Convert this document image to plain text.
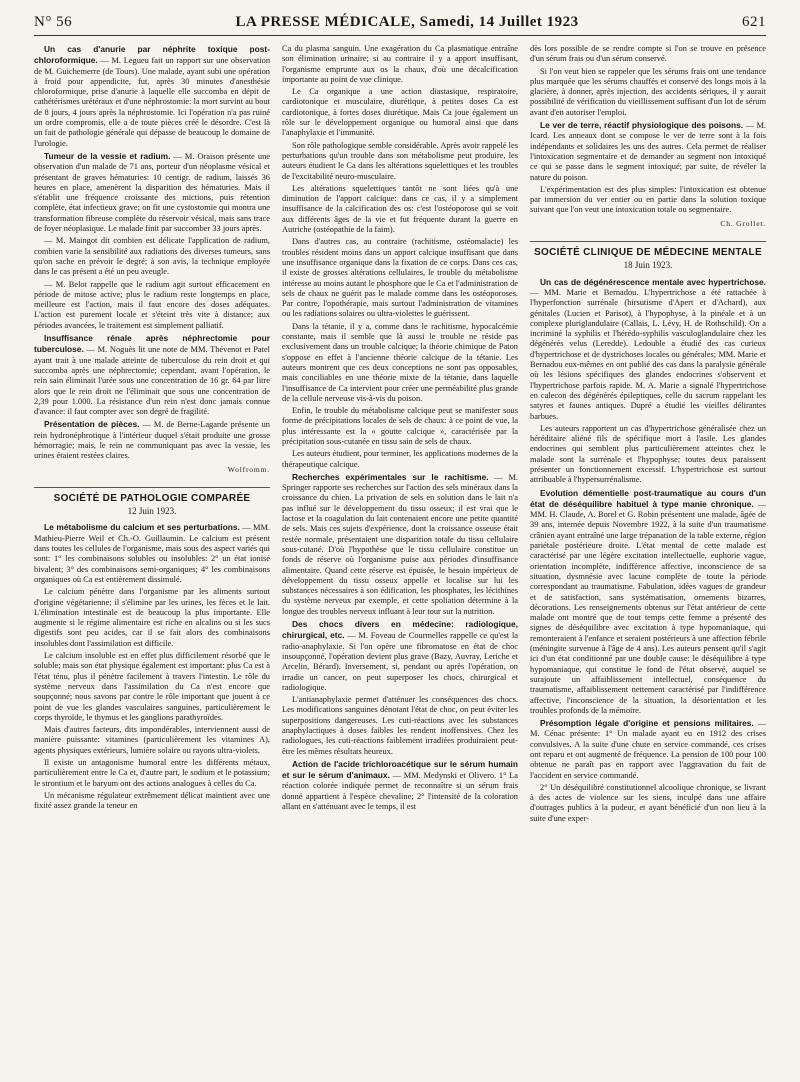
N° 56	LA PRESSE MÉDICALE, Samedi, 14 Juillet 1923	621

Un cas d'anurie par néphrite toxique post-chloroformique. — M. Legueu fait un rapport sur une observation de M. Guichemerre (de Tours). Une malade, ayant subi une opération à froid pour appendicite, fut, après 30 minutes d'anesthésie chloroformique, prise d'anurie à laquelle elle succomba en dépit de cathétérismes urétéraux et d'une néphrostomie: la mort survint au bout de 8 jours, 4 jours après la néphrostomie. Ici l'opération n'a pas ruiné un ordre compromis, elle a de toute pièces créé le désordre. C'est là un fait de pathologie générale qui dépasse de beaucoup le domaine de l'urologie.

Tumeur de la vessie et radium. — M. Oraison présente une observation d'un malade de 71 ans, porteur d'un néoplasme vésical et présentant de graves hématuries: 10 centigr. de radium, laissés 36 heures en place, amenèrent la disparition des hématuries. Mais il s'établit une fréquence croissante des mictions, puis rétention complète, état infectieux grave; on fit une cystostomie qui montra une transformation fibreuse complète du réservoir vésical, mais sans trace de foyer néoplasique. Le malade finit par succomber 33 jours après.

— M. Maingot dit combien est délicate l'application de radium, combien varie la sensibilité aux radiations des diverses tumeurs, sans qu'on sache en prévoir le degré; à son avis, la technique employée dans le cas présent a été un peu aveugle.

— M. Belot rappelle que le radium agit surtout efficacement en période de mitose active; plus le radium reste longtemps en place, meilleure est l'action, mais il faut encore des doses adéquates. L'action est purement locale et s'éteint très vite à distance; aux périodes avancées, le traitement est simplement palliatif.

Insuffisance rénale après néphrectomie pour tuberculose. — M. Noguès lit une note de MM. Thévenot et Patel ayant trait à une malade atteinte de tuberculose du rein droit et qui succomba après une néphrectomie; cependant, avant l'opération, le rein sain éliminait l'urée sous une concentration de 16 gr. 64 par litre alors que le rein droit ne l'éliminait que sous une concentration de 2,39 pour 1.000. La résistance d'un rein n'est donc jamais connue d'avance: il faut compter avec son degré de fragilité.

Présentation de pièces. — M. de Berne-Lagarde présente un rein hydronéphrotique à l'intérieur duquel s'était produite une grosse hémorragie; mais, le rein ne communiquant pas avec la vessie, les urines étaient restées claires.

Wolfromm.
SOCIÉTÉ DE PATHOLOGIE COMPARÉE
12 Juin 1923.

Le métabolisme du calcium et ses perturbations. — MM. Mathieu-Pierre Weil et Ch.-O. Guillaumin. Le calcium est présent dans toutes les cellules de l'organisme, mais sous des aspect variés qui sont: 1° les combinaisons solubles ou insolubles: 2° un état ionisé bivalent; 3° des combinaisons semi-organiques; 4° les combinaisons organiques où Ca est entièrement dissimulé.

Le calcium pénètre dans l'organisme par les aliments surtout d'origine végétarienne; il s'élimine par les urines, les fèces et le lait. L'élimination intestinale est de beaucoup la plus importante. Elle augmente si le régime alimentaire est riche en alcalins ou si les sucs digestifs sont peu acides, car il se fait alors des combinaisons insolubles dont l'assimilation est difficile.

Le calcium insoluble est en effet plus difficilement résorbé que le soluble; mais son état physique également est important: plus Ca est à l'état ténu, plus il pénètre facilement à travers l'intestin. Le rôle du système nerveux dans l'assimilation du Ca n'est encore que soupçonné; nous savons par contre le rôle important que jouent à ce point de vue les glandes vasculaires sanguines, particulièrement le corps thyroïde, le thymus et les ganglions parathyroïdes.

Mais d'autres facteurs, dits impondérables, interviennent aussi de manière puissante: vitamines (particulièrement les vitamines A), agents physiques extérieurs, lumière solaire ou rayons ultra-violets.

Il existe un antagonisme humoral entre les différents métaux, particulièrement entre le Ca et, d'autre part, le sodium et le potassium; le strontium et le baryum ont des actions analogues à celles du Ca.

Un mécanisme régulateur extrêmement délicat maintient avec une fixité assez grande la teneur en

Ca du plasma sanguin. Une exagération du Ca plasmatique entraîne son élimination urinaire; si au contraire il y a apport insuffisant, l'organisme emprunte aux os la chaux, d'où une décalcification importante au point de vue clinique.

Le Ca organique a une action diastasique, respiratoire, cardiotonique et musculaire, diurétique, à petites doses Ca est cardiotonique, à fortes doses diurétique. Mais Ca joue également un rôle sur le développement organique ou humoral ainsi que dans l'anaphylaxie et l'immunité.

Son rôle pathologique semble considérable. Après avoir rappelé les perturbations qu'un trouble dans son métabolisme peut produire, les auteurs étudient le Ca dans les altérations squelettiques et les troubles de l'excitabilité neuro-musculaire.

Les altérations squelettiques tantôt ne sont liées qu'à une diminution de l'apport calcique: dans ce cas, il y a simplement insuffisance de la calcification des os: c'est l'ostéoporose qui se voit aux différents âges de la vie et fut fréquente durant la guerre en Autriche (ostéopathie de la faim).

Dans d'autres cas, au contraire (rachitisme, ostéomalacie) les troubles résident moins dans un apport calcique insuffisant que dans une insuffisance organique dans la fixation de ce corps. Dans ces cas, il existe de grosses altérations cellulaires, le trouble du métabolisme intéresse au moins autant le phosphore que le Ca et l'administration de sels de chaux ne guérit pas le malade comme dans les ostéoporoses. Par contre, l'opothérapie, mais surtout l'administration de vitamines ou les radiations solaires ou ultra-violettes le guérissent.

Dans la tétanie, il y a, comme dans le rachitisme, hypocalcémie constante, mais il semble que là aussi le trouble ne réside pas exclusivement dans un trouble calcique; la théorie chimique de Paton s'oppose en effet à l'ancienne théorie calcique de la tétanie. Les auteurs montrent que ces deux conceptions ne sont pas opposables, mais conciliables en une théorie mixte de la tétanie, dans laquelle l'insuffisance de Ca intervient pour créer une perméabilité plus grande de la cellule nerveuse vis-à-vis du poison.

Enfin, le trouble du métabolisme calcique peut se manifester sous forme de précipitations locales de sels de chaux: à ce point de vue, la plus intéressante est la « goutte calcique », caractérisée par la précipitation sous-cutanée en tissu sain de sels de chaux.

Les auteurs étudient, pour terminer, les applications modernes de la thérapeutique calcique.

Recherches expérimentales sur le rachitisme. — M. Springer rapporte ses recherches sur l'action des sels minéraux dans la croissance du chien. La privation de sels en solution dans le lait n'a pas influé sur le développement du tissu osseux; il est vrai que le lactose et la coagulation du lait contenaient encore une petite quantité de sels. Mais ces sujets d'expérience, dont la croissance osseuse était restée normale, présentaient une disparition totale du tissu cellulaire sous-cutané. D'où l'hypothèse que le tissu cellulaire constitue un fonds de réserve où l'organisme puise aux périodes d'insuffisance alimentaire. Quand cette réserve est épuisée, le besoin impérieux de développement du tissu osseux appelle et localise sur lui les substances nécessaires à son édification, les phosphates, les lécithines du système nerveux par exemple, et cette spoliation détermine à la longue des troubles nerveux influant à leur tour sur la nutrition.

Des chocs divers en médecine: radiologique, chirurgical, etc. — M. Foveau de Courmelles rappelle ce qu'est la radio-anaphylaxie. Si l'on opère une fibromatose en état de choc insoupçonné, l'opération devient plus grave (Bazy, Auvray, Leriche et Arcelin, Bérard). Inversement, si, pendant ou après l'opération, on irradie un cancer, on peut superposer les chocs, chirurgical et radiologique.

L'antianaphylaxie permet d'atténuer les conséquences des chocs. Les modifications sanguines dénotant l'état de choc, on peut éviter les superpositions dangereuses. Les cuti-réactions avec les substances anaphylactiques à doses faibles les rendent inoffensives. Chez les radiologues, les cuti-réactions faiblement irradiées produiraient peut-être les mêmes résultats heureux.

Action de l'acide trichloroacétique sur le sérum humain et sur le sérum d'animaux. — MM. Medynski et Olivero. 1° La réaction colorée indiquée permet de reconnaître si un sérum frais donné appartient à l'espèce chevaline; 2° l'intensité de la coloration allant en s'atténuant avec le temps, il est

dès lors possible de se rendre compte si l'on se trouve en présence d'un sérum frais ou d'un sérum conservé.

Si l'on veut bien se rappeler que les sérums frais ont une tendance plus marquée que les sérums chauffés et conservé des longs mois à la glacière, à donner, après injection, des accidents sériques, il y aurait possibilité de vérification du vieillissement suffisant d'un lot de sérum avant d'en autoriser l'emploi.

Le ver de terre, réactif physiologique des poisons. — M. Icard. Les anneaux dont se compose le ver de terre sont à la fois indépendants et solidaires les uns des autres. Cela permet de réaliser l'intoxication segmentaire et de demander au segment non intoxiqué ce qui se passe dans le segment intoxiqué; par suite, de révéler la nature du poison.

L'expérimentation est des plus simples: l'intoxication est obtenue par immersion du ver entier ou en partie dans la solution toxique suivant que l'on veut une intoxication totale ou segmentaire.

Ch. Grollet.
SOCIÉTÉ CLINIQUE DE MÉDECINE MENTALE
18 Juin 1923.

Un cas de dégénérescence mentale avec hypertrichose. — MM. Marie et Bernadou. L'hypertrichose a été rattachée à l'hyperfonction surrénale (hirsutisme d'Apert et d'Achard), aux génitales (Lucien et Parisot), à l'hypophyse, à la pinéale et à un complexe pluriglandulaire (Callais, L. Lévy, H. de Rothschild). On a incriminé la syphilis et l'hérédo-syphilis vasculoglandulaire chez les dégénérés velus (Leredde). Ledouble a étudié des cas curieux d'hypertrichose et de dystrichoses locales ou générales; MM. Marie et Bernadou eux-mêmes en ont publié des cas dans la paralysie générale où les lésions spécifiques des glandes endocrines s'observent et l'hypertrichose parfois rapide. M. A. Marie a signalé l'hypertrichose en calecon des dégénérés épileptiques, celle du sacrum rappelant les satyres et faunes antiques. Dupré a étudié les vieilles délirantes barbues.

Les auteurs rapportent un cas d'hypertrichose généralisée chez un héréditaire aliéné fils de spécifique mort à l'asile. Les glandes endocrines qui semblent plus particulièrement atteintes chez le malade sont la surrénale et l'hypophyse; toutes deux paraissent présenter un fonctionnement excessif. L'hypertrichose est surtout attribuable à l'hypersurrénalisme.

Evolution démentielle post-traumatique au cours d'un état de déséquilibre habituel à type manie chronique. — MM. H. Claude, A. Borel et G. Robin présentent une malade, âgée de 39 ans, internée depuis Novembre 1922, à la suite d'un traumatisme crânien ayant entraîné une large trépanation de la table externe, région pariétale postérieure droite. L'état mental de cette malade est caractérisé par une légère excitation intellectuelle, euphorie vague, orientation incomplète, indifférence affective, inconscience de sa situation, dysmnésie avec lacune complète de toute la période correspondant au traumatisme. Fabulation, idées vagues de grandeur et de satisfaction, sans systématisation, ornements bizarres, décorations. Les renseignements obtenus sur l'état antérieur de cette malade ont montré que de tout temps cette femme a présenté des signes de déséquilibre avec excitation à type hypomaniaque, qui remonteraient à l'enfance et seraient postérieurs à une affection fébrile (méningite survenue à l'âge de 4 ans). Les auteurs pensent qu'il s'agit ici d'un état conditionné par une double cause: le déséquilibre à type hypomaniaque, qui constitue le fond de l'état observé, auquel se surajoute un affaiblissement intellectuel, conséquence du traumatisme, affaiblissement nettement caractérisé par l'indifférence affective, l'inconscience de la situation, la désorientation et les troubles profonds de la mémoire.

Présomption légale d'origine et pensions militaires. — M. Cénac présente: 1° Un malade ayant eu en 1912 des crises convulsives. A la suite d'une chute en service commandé, ces crises ont reparu et ont augmenté de fréquence. La pension de 100 pour 100 obtenue ne paraît pas en rapport avec l'aggravation du fait de l'accident en service commandé.

2° Un déséquilibré constitutionnel alcoolique chronique, se livrant à des actes de violence sur les siens, inculpé dans une affaire d'outrages publics à la pudeur, et ayant bénéficié d'un non lieu à la suite d'une exper-
